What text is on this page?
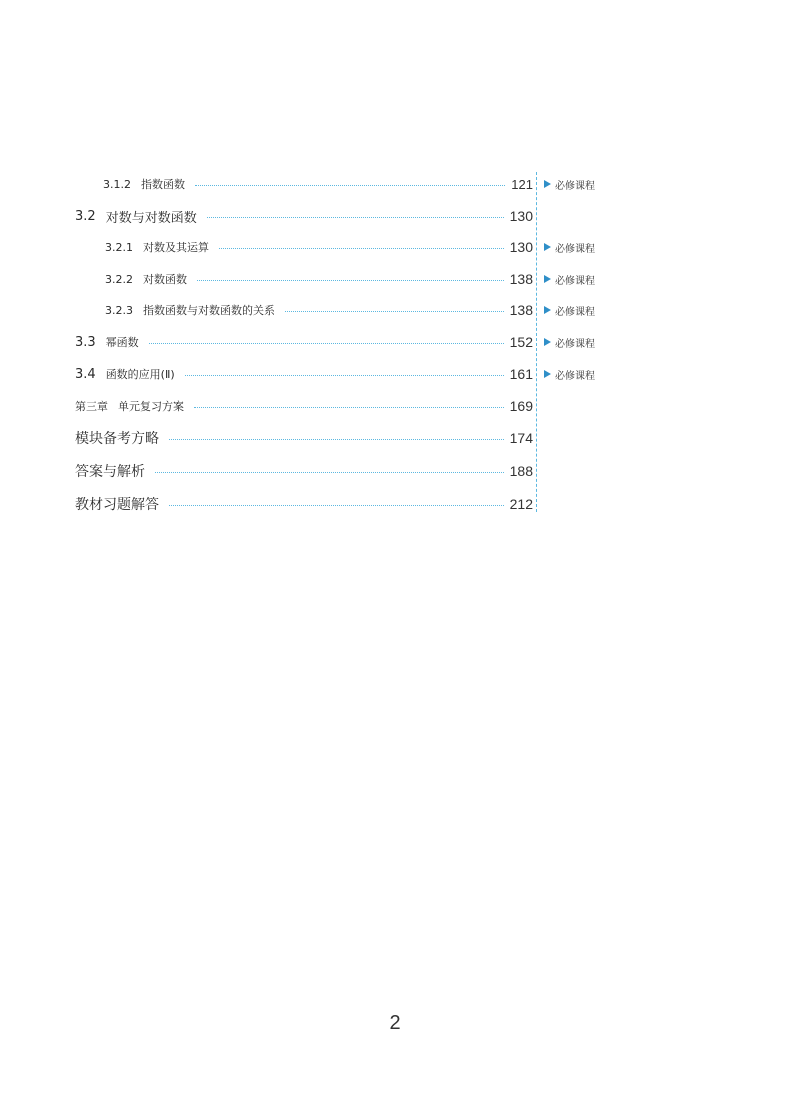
3.1.2 指数函数	121 必修课程
3.2 对数与对数函数	130
3.2.1 对数及其运算	130 必修课程
3.2.2 对数函数	138 必修课程
3.2.3 指数函数与对数函数的关系	138 必修课程
3.3 幂函数	152 必修课程
3.4 函数的应用(Ⅱ)	161 必修课程
第三章 单元复习方案	169
模块备考方略	174
答案与解析	188
教材习题解答	212
2
